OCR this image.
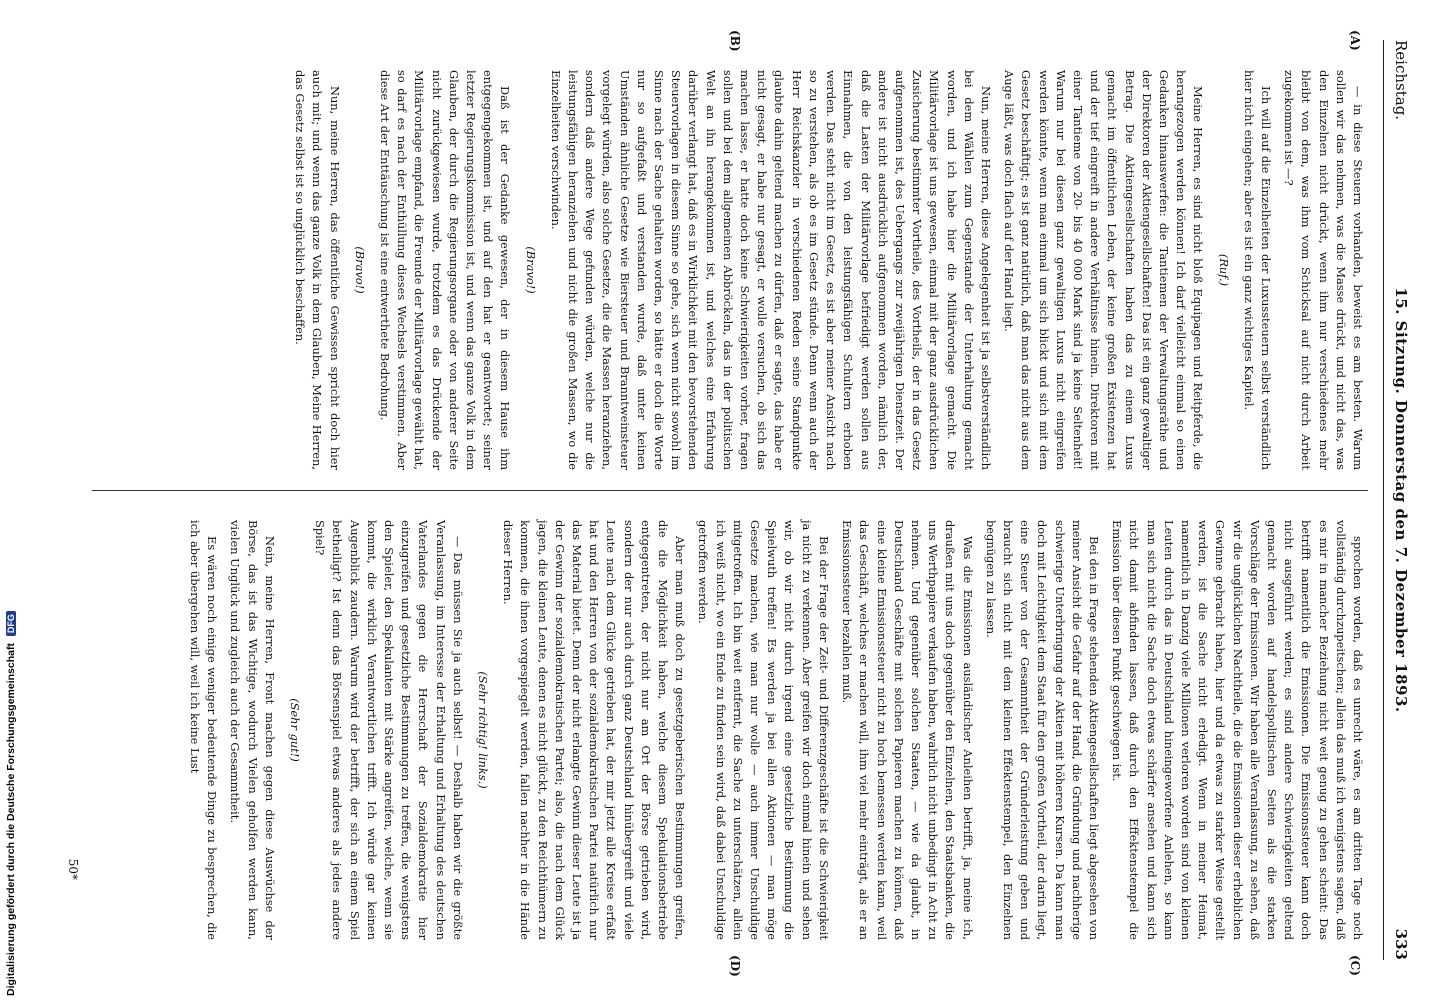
Reichstag.
15. Sitzung. Donnerstag den 7. Dezember 1893.
333
(A)
(B)
(C)
(D)

— in diese Steuern vorhanden, beweist es am besten. Warum sollen wir das nehmen, was die Masse drückt, und nicht das, was den Einzelnen nicht drückt, wenn ihm nur verschiedenes mehr bleibt von dem, was ihm vom Schicksal auf nicht durch Arbeit zugekommen ist —?

Ich will auf die Einzelheiten der Luxussteuern selbst verständlich hier nicht eingehen; aber es ist ein ganz wichtiges Kapitel.

(Ruf.)

Meine Herren, es sind nicht bloß Equipagen und Reitpferde, die herangezogen werden können! Ich darf vielleicht einmal so einen Gedanken hinauswerfen: die Tantiemen der Verwaltungsräthe und der Direktoren der Aktiengesellschaften! Das ist ein ganz gewaltiger Betrag. Die Aktiengesellschaften haben das zu einem Luxus gemacht im öffentlichen Leben, der keine großen Existenzen hat und der tief eingreift in andere Verhältnisse hinein. Direktoren mit einer Tantieme von 20- bis 40 000 Mark sind ja keine Seltenheit! Warum nur bei diesen ganz gewaltigen Luxus nicht eingreifen werden könnte, wenn man einmal um sich blickt und sich mit dem Gesetz beschäftigt; es ist ganz natürlich, daß man das nicht aus dem Auge läßt, was doch flach auf der Hand liegt.

Nun, meine Herren, diese Angelegenheit ist ja selbstverständlich bei dem Wählen zum Gegenstande der Unterhaltung gemacht worden, und ich habe hier die Militärvorlage gemacht. Die Militärvorlage ist uns gewesen, einmal mit der ganz ausdrücklichen Zusicherung bestimmter Vortheile, des Vortheils, der in das Gesetz aufgenommen ist, des Uebergangs zur zweijährigen Dienstzeit. Der andere ist nicht ausdrücklich aufgenommen worden, nämlich der, daß die Lasten der Militärvorlage befriedigt werden sollen aus Einnahmen, die von den leistungsfähigen Schultern erhoben werden. Das steht nicht im Gesetz, es ist aber meiner Ansicht nach so zu verstehen, als ob es im Gesetz stünde. Denn wenn auch der Herr Reichskanzler in verschiedenen Reden seine Standpunkte glaubte dahin geltend machen zu dürfen, daß er sagte, das habe er nicht gesagt, er habe nur gesagt, er wolle versuchen, ob sich das machen lasse, er hatte doch keine Schwierigkeiten vorher, fragen sollen und bei dem allgemeinen Abbröckeln, das in der politischen Welt an ihn herangekommen ist, und welches eine Erfahrung darüber verlangt hat, daß es in Wirklichkeit mit den bevorstehenden Steuervorlagen in diesem Sinne so gehe, sich wenn nicht sowohl im Sinne nach der Sache gehalten worden, so hätte er doch die Worte nur so aufgefaßt und verstanden wurde, daß unter keinen Umständen ähnliche Gesetze wie Biersteuer und Branntweinsteuer vorgelegt würden, also solche Gesetze, die die Massen heranziehen, sondern daß andere Wege gefunden würden, welche nur die leistungsfähigen heranziehen und nicht die großen Massen, wo die Einzelheiten verschwinden.

(Bravo!)

Daß ist der Gedanke gewesen, der in diesem Hause ihm entgegengekommen ist, und auf den hat er geantwortet; seiner letzter Regierungskommission ist, und wenn das ganze Volk in dem Glauben, der durch die Regierungsorgane oder von anderer Seite nicht zurückgewiesen wurde, trotzdem es das Drückende der Militärvorlage empfand, die Freunde der Militärvorlage gewählt hat, so darf es nach der Enthüllung dieses Wechsels verstimmen. Aber diese Art der Enttäuschung ist eine entwerthete Bedrohung.

(Bravo!)

Nun, meine Herren, das öffentliche Gewissen spricht doch hier auch mit; und wenn das ganze Volk in dem Glauben, Meine Herren, das Gesetz selbst ist so unglücklich beschaffen.

sprochen worden, daß es unrecht wäre, es am dritten Tage noch vollständig durchzupeitschen; allein das muß ich wenigstens sagen, daß es mir in mancher Beziehung nicht weit genug zu gehen scheint: Das betrifft namentlich die Emissionen. Die Emissionssteuer kann doch nicht ausgeführt werden; es sind andere Schwierigkeiten geltend gemacht worden auf handelspolitischen Seiten als die starken Vorschläge der Emissionen. Wir haben alle Veranlassung, zu sehen, daß wir die unglücklichen Nachtheile, die die Emissionen dieser erheblichen Gewinne gebracht haben, hier und da etwas zu starker Weise gestellt werden, ist die Sache nicht erledigt. Wenn in meiner Heimat, namentlich in Danzig viele Millionen verloren worden sind von kleinen Leuten durch das in Deutschland hineingeworfene Anlehen, so kann man sich nicht die Sache doch etwas schärfer ansehen und kann sich nicht damit abfinden lassen, daß durch den Effektenstempel die Emission über diesen Punkt geschwiegen ist.

Bei den in Frage stehenden Aktiengesellschaften liegt abgesehen von meiner Ansicht die Gefahr auf der Hand, die Gründung und nachherige schwierige Unterbringung der Aktien mit höheren Kursen. Da kann man doch mit Leichtigkeit dem Staat für den großen Vortheil, der darin liegt, eine Steuer von der Gesammtheit der Gründerleistung geben und braucht sich nicht mit dem kleinen Effektenstempel, den Einzelnen begnügen zu lassen.

Was die Emissionen ausländischer Anleihen betrifft, ja, meine ich, draußen mit uns doch gegenüber den Einzelnen, den Staatsbanken, die uns Werthpapiere verkaufen haben, wahrlich nicht unbedingt in Acht zu nehmen. Und gegenüber solchen Staaten, — wie da glaubt, in Deutschland Geschäfte mit solchen Papieren machen zu können, daß eine kleine Emissionssteuer nicht zu hoch bemessen werden kann, weil das Geschäft, welches er machen will, ihm viel mehr einträgt, als er an Emissionssteuer bezahlen muß.

Bei der Frage der Zeit- und Differenzgeschäfte ist die Schwierigkeit ja nicht zu verkennen. Aber greifen wir doch einmal hinein und sehen wir, ob wir nicht durch irgend eine gesetzliche Bestimmung die Spielwuth treffen! Es werden ja bei allen Aktionen — man möge Gesetze machen, wie man nur wolle — auch immer Unschuldige mitgetroffen. Ich bin weit entfernt, die Sache zu unterschätzen, allein ich weiß nicht, wo ein Ende zu finden sein wird, daß dabei Unschuldige getroffen werden.

Aber man muß doch zu gesetzgeberischen Bestimmungen greifen, die die Möglichkeit haben, welche diesem Spekulationsbetriebe entgegentreten, der nicht nur am Ort der Börse getrieben wird, sondern der nur auch durch ganz Deutschland hinübergreift und viele Leute nach dem Glücke getrieben hat, der mir jetzt alle Kreise erfaßt hat und den Herren von der sozialdemokratischen Partei natürlich nur das Material bietet. Denn der nicht erlangte Gewinn dieser Leute ist ja der Gewinn der sozialdemokratischen Partei; also, die nach dem Glück jagen, die kleinen Leute, denen es nicht glückt, zu den Reichthümern zu kommen, die ihnen vorgespiegelt werden, fallen nachher in die Hände dieser Herren.

(Sehr richtig! links.)

— Das müssen Sie ja auch selbst! — Deshalb haben wir die größte Veranlassung, im Interesse der Erhaltung und Erhaltung des deutschen Vaterlandes gegen die Herrschaft der Sozialdemokratie hier einzugreifen und gesetzliche Bestimmungen zu treffen, die wenigstens den Spieler, den Spekulanten mit Stärke angreifen, welche, wenn sie kommt, die wirklich Verantwortlichen trifft. Ich würde gar keinen Augenblick zaudern. Warum wird der betrifft, der sich an einem Spiel betheiligt? Ist denn das Börsenspiel etwas anderes als jedes andere Spiel?

(Sehr gut!)

Nein, meine Herren, Front machen gegen diese Auswüchse der Börse, das ist das Wichtige, wodurch Vielen geholfen werden kann, vielen Unglück und zugleich auch der Gesammtheit.

Es wären noch einige weniger bedeutende Dinge zu besprechen, die ich aber übergehen will, weil ich keine Lust

50*
Digitalisierung gefördert durch die Deutsche Forschungsgemeinschaft DFG
